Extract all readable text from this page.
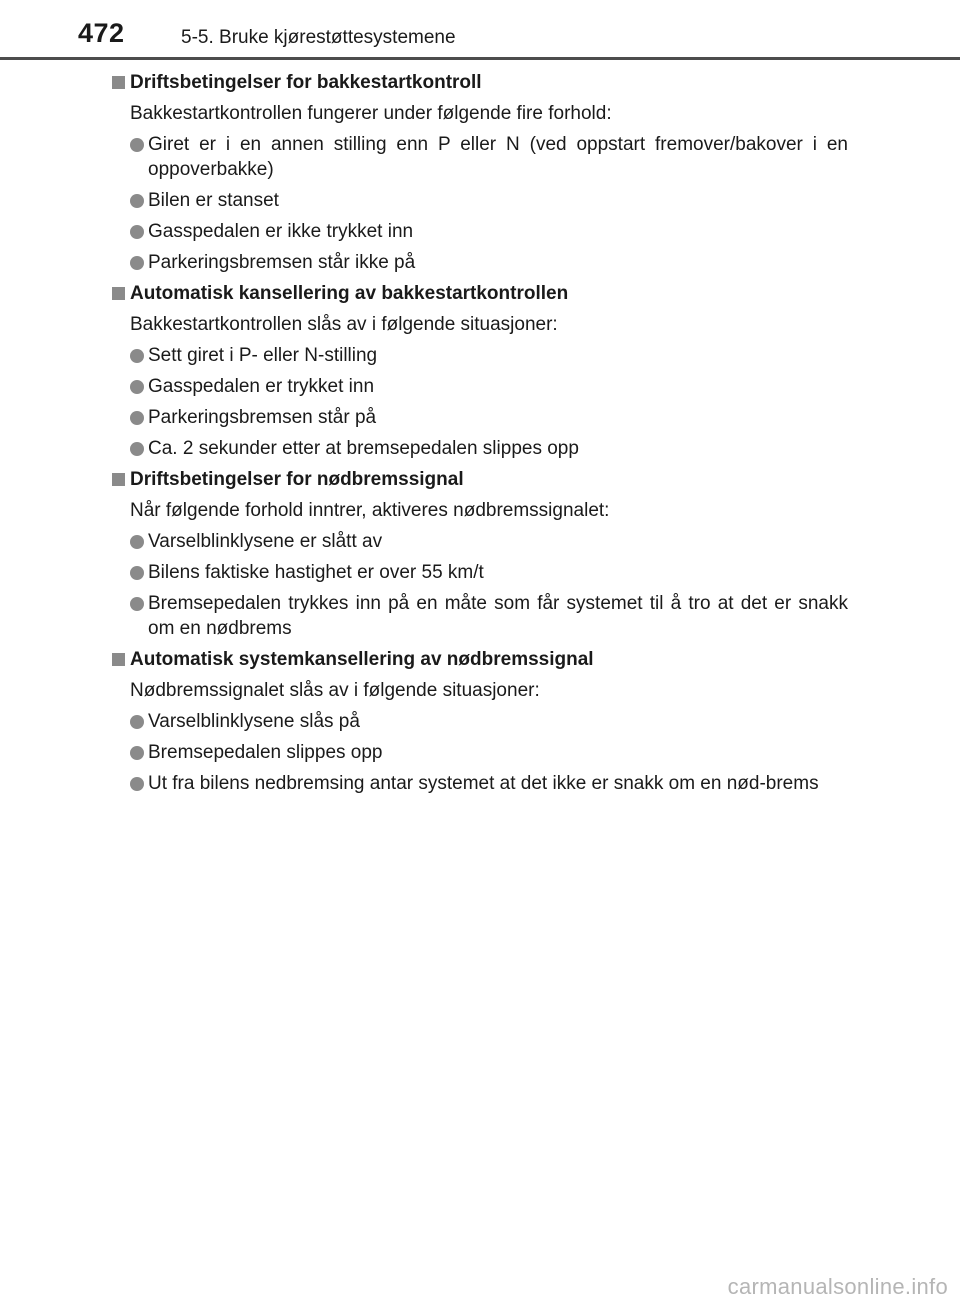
472	5-5. Bruke kjørestøttesystemene
Driftsbetingelser for bakkestartkontroll
Bakkestartkontrollen fungerer under følgende fire forhold:
Giret er i en annen stilling enn P eller N (ved oppstart fremover/bakover i en oppoverbakke)
Bilen er stanset
Gasspedalen er ikke trykket inn
Parkeringsbremsen står ikke på
Automatisk kansellering av bakkestartkontrollen
Bakkestartkontrollen slås av i følgende situasjoner:
Sett giret i P- eller N-stilling
Gasspedalen er trykket inn
Parkeringsbremsen står på
Ca. 2 sekunder etter at bremsepedalen slippes opp
Driftsbetingelser for nødbremssignal
Når følgende forhold inntrer, aktiveres nødbremssignalet:
Varselblinklysene er slått av
Bilens faktiske hastighet er over 55 km/t
Bremsepedalen trykkes inn på en måte som får systemet til å tro at det er snakk om en nødbrems
Automatisk systemkansellering av nødbremssignal
Nødbremssignalet slås av i følgende situasjoner:
Varselblinklysene slås på
Bremsepedalen slippes opp
Ut fra bilens nedbremsing antar systemet at det ikke er snakk om en nød-brems
carmanualsonline.info
